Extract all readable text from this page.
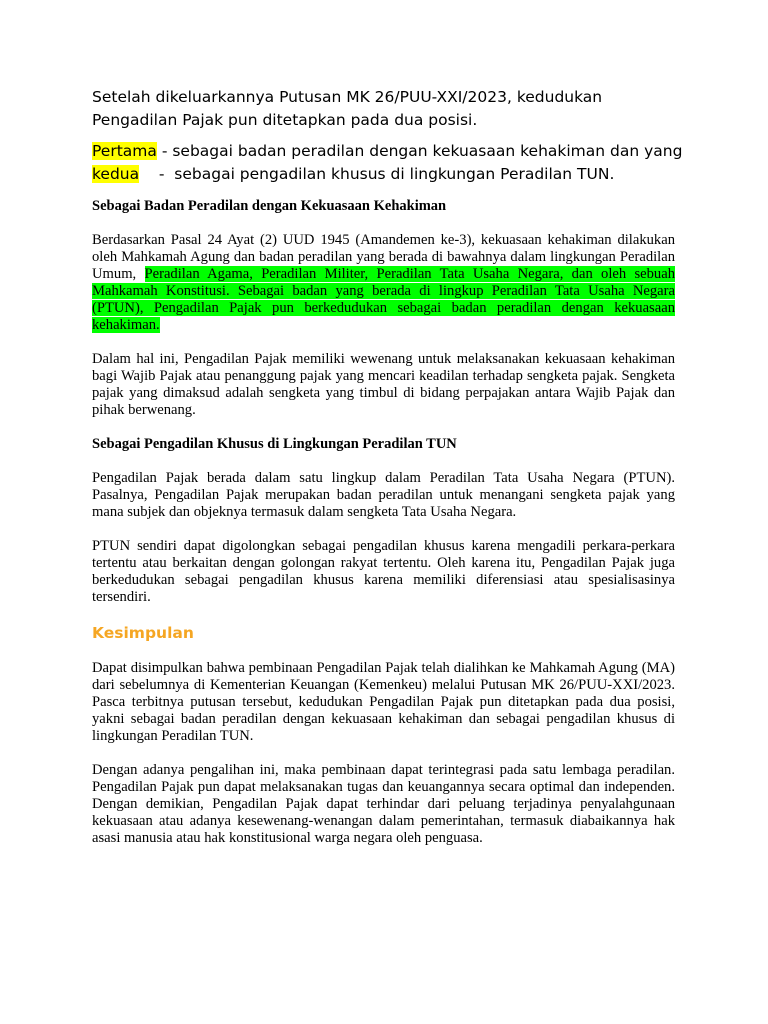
Setelah dikeluarkannya Putusan MK 26/PUU-XXI/2023, kedudukan Pengadilan Pajak pun ditetapkan pada dua posisi.

Pertama - sebagai badan peradilan dengan kekuasaan kehakiman dan yang

kedua    -  sebagai pengadilan khusus di lingkungan Peradilan TUN.

Sebagai Badan Peradilan dengan Kekuasaan Kehakiman

Berdasarkan Pasal 24 Ayat (2) UUD 1945 (Amandemen ke-3), kekuasaan kehakiman dilakukan oleh Mahkamah Agung dan badan peradilan yang berada di bawahnya dalam lingkungan Peradilan Umum, Peradilan Agama, Peradilan Militer, Peradilan Tata Usaha Negara, dan oleh sebuah Mahkamah Konstitusi. Sebagai badan yang berada di lingkup Peradilan Tata Usaha Negara (PTUN), Pengadilan Pajak pun berkedudukan sebagai badan peradilan dengan kekuasaan kehakiman.

Dalam hal ini, Pengadilan Pajak memiliki wewenang untuk melaksanakan kekuasaan kehakiman bagi Wajib Pajak atau penanggung pajak yang mencari keadilan terhadap sengketa pajak. Sengketa pajak yang dimaksud adalah sengketa yang timbul di bidang perpajakan antara Wajib Pajak dan pihak berwenang.

Sebagai Pengadilan Khusus di Lingkungan Peradilan TUN

Pengadilan Pajak berada dalam satu lingkup dalam Peradilan Tata Usaha Negara (PTUN). Pasalnya, Pengadilan Pajak merupakan badan peradilan untuk menangani sengketa pajak yang mana subjek dan objeknya termasuk dalam sengketa Tata Usaha Negara.

PTUN sendiri dapat digolongkan sebagai pengadilan khusus karena mengadili perkara-perkara tertentu atau berkaitan dengan golongan rakyat tertentu. Oleh karena itu, Pengadilan Pajak juga berkedudukan sebagai pengadilan khusus karena memiliki diferensiasi atau spesialisasinya tersendiri.

Kesimpulan

Dapat disimpulkan bahwa pembinaan Pengadilan Pajak telah dialihkan ke Mahkamah Agung (MA) dari sebelumnya di Kementerian Keuangan (Kemenkeu) melalui Putusan MK 26/PUU-XXI/2023. Pasca terbitnya putusan tersebut, kedudukan Pengadilan Pajak pun ditetapkan pada dua posisi, yakni sebagai badan peradilan dengan kekuasaan kehakiman dan sebagai pengadilan khusus di lingkungan Peradilan TUN.

Dengan adanya pengalihan ini, maka pembinaan dapat terintegrasi pada satu lembaga peradilan. Pengadilan Pajak pun dapat melaksanakan tugas dan keuangannya secara optimal dan independen. Dengan demikian, Pengadilan Pajak dapat terhindar dari peluang terjadinya penyalahgunaan kekuasaan atau adanya kesewenang-wenangan dalam pemerintahan, termasuk diabaikannya hak asasi manusia atau hak konstitusional warga negara oleh penguasa.
